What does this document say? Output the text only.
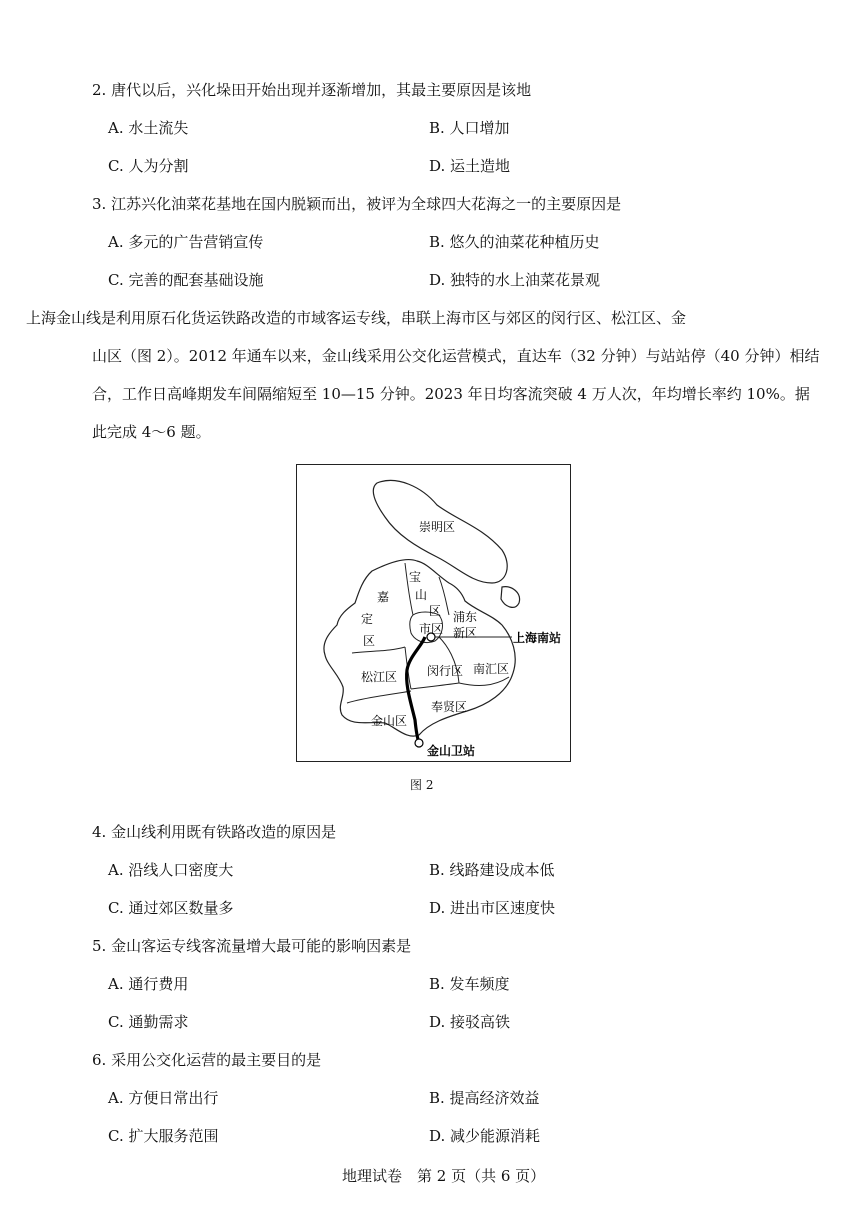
2. 唐代以后，兴化垛田开始出现并逐渐增加，其最主要原因是该地
A. 水土流失	B. 人口增加
C. 人为分割	D. 运土造地
3. 江苏兴化油菜花基地在国内脱颖而出，被评为全球四大花海之一的主要原因是
A. 多元的广告营销宣传	B. 悠久的油菜花种植历史
C. 完善的配套基础设施	D. 独特的水上油菜花景观
上海金山线是利用原石化货运铁路改造的市域客运专线，串联上海市区与郊区的闵行区、松江区、金
山区（图 2）。2012 年通车以来，金山线采用公交化运营模式，直达车（32 分钟）与站站停（40 分钟）相结
合，工作日高峰期发车间隔缩短至 10—15 分钟。2023 年日均客流突破 4 万人次，年均增长率约 10%。据
此完成 4～6 题。
崇明区
宝
山
区
嘉
定
区
浦东
新区
市区
闵行区
松江区
南汇区
奉贤区
金山区
上海南站
金山卫站
图 2
4. 金山线利用既有铁路改造的原因是
A. 沿线人口密度大	B. 线路建设成本低
C. 通过郊区数量多	D. 进出市区速度快
5. 金山客运专线客流量增大最可能的影响因素是
A. 通行费用	B. 发车频度
C. 通勤需求	D. 接驳高铁
6. 采用公交化运营的最主要目的是
A. 方便日常出行	B. 提高经济效益
C. 扩大服务范围	D. 减少能源消耗
地理试卷　第 2 页（共 6 页）
